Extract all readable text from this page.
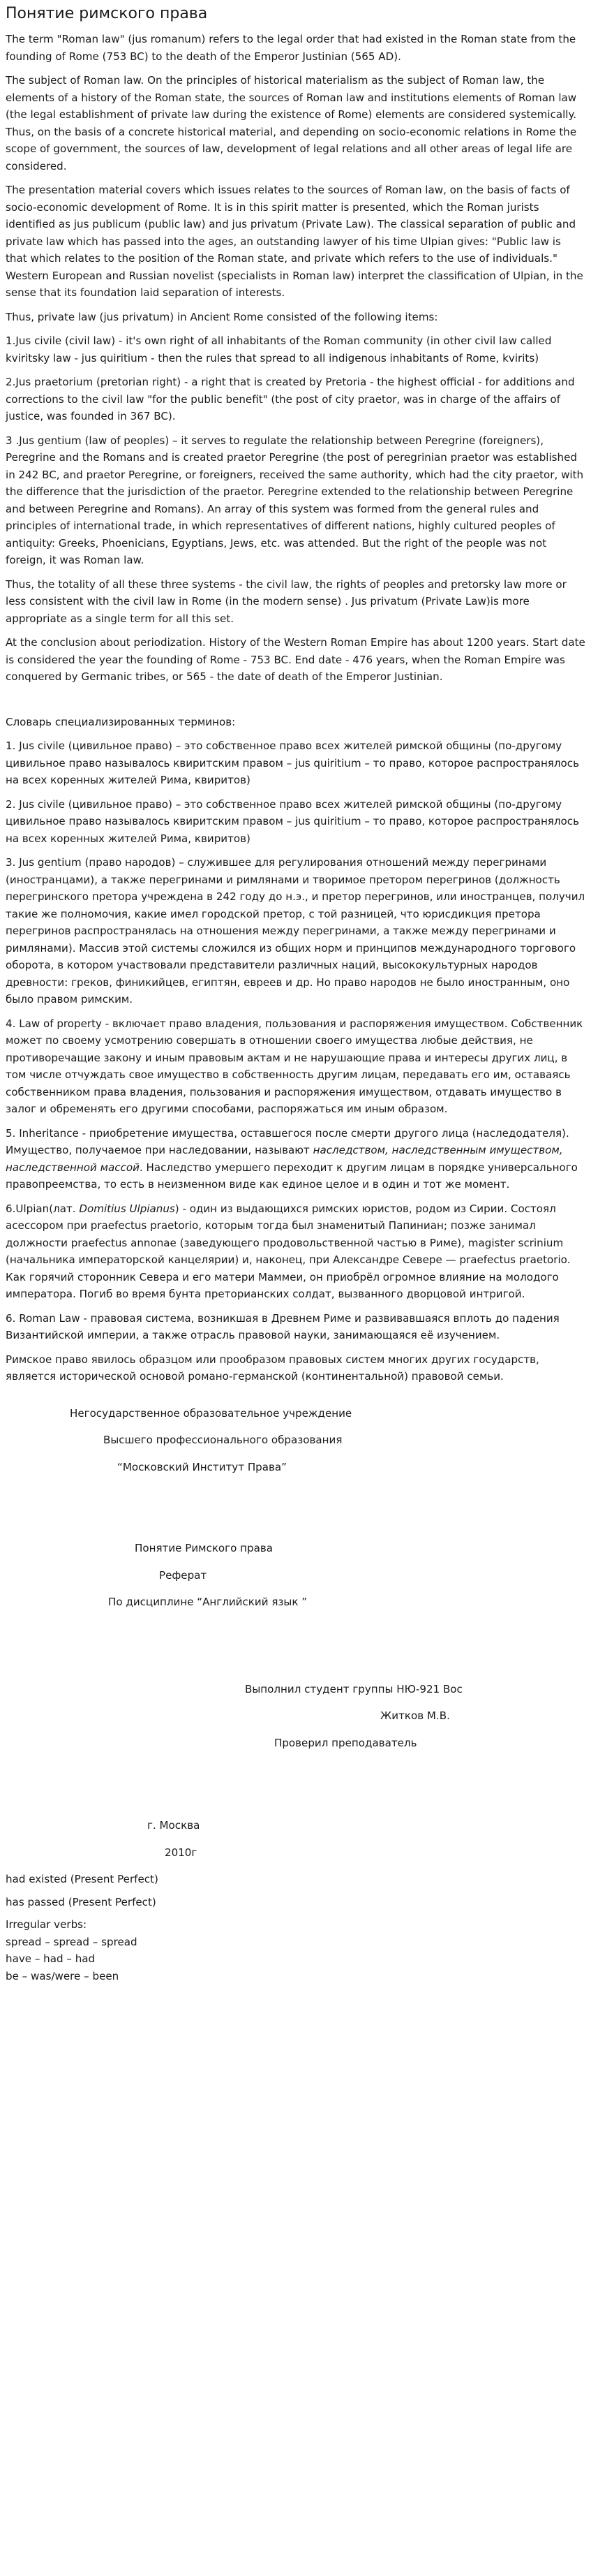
Понятие римского права

The term "Roman law" (jus romanum) refers to the legal order that had existed in the Roman state from the founding of Rome (753 BC) to the death of the Emperor Justinian (565 AD).

The subject of Roman law. On the principles of historical materialism as the subject of Roman law, the elements of a history of the Roman state, the sources of Roman law and institutions elements of Roman law (the legal establishment of private law during the existence of Rome) elements are considered systemically. Thus, on the basis of a concrete historical material, and depending on socio-economic relations in Rome the scope of government, the sources of law, development of legal relations and all other areas of legal life are considered.

The presentation material covers which issues relates to the sources of Roman law, on the basis of facts of socio-economic development of Rome. It is in this spirit matter is presented, which the Roman jurists identified as jus publicum (public law) and jus privatum (Private Law). The classical separation of public and private law which has passed into the ages, an outstanding lawyer of his time Ulpian gives: "Public law is that which relates to the position of the Roman state, and private which refers to the use of individuals." Western European and Russian novelist (specialists in Roman law) interpret the classification of Ulpian, in the sense that its foundation laid separation of interests.

Thus, private law (jus privatum) in Ancient Rome consisted of the following items:

1.Jus civile (civil law) - it's own right of all inhabitants of the Roman community (in other civil law called kviritsky law - jus quiritium - then the rules that spread to all indigenous inhabitants of Rome, kvirits)

2.Jus praetorium (pretorian right) - a right that is created by Pretoria - the highest official - for additions and corrections to the civil law "for the public benefit" (the post of city praetor, was in charge of the affairs of justice, was founded in 367 BC).

3 .Jus gentium (law of peoples) – it serves to regulate the relationship between Peregrine (foreigners), Peregrine and the Romans and is created praetor Peregrine (the post of peregrinian praetor was established in 242 BC, and praetor Peregrine, or foreigners, received the same authority, which had the city praetor, with the difference that the jurisdiction of the praetor. Peregrine extended to the relationship between Peregrine and between Peregrine and Romans). An array of this system was formed from the general rules and principles of international trade, in which representatives of different nations, highly cultured peoples of antiquity: Greeks, Phoenicians, Egyptians, Jews, etc. was attended. But the right of the people was not foreign, it was Roman law.

Thus, the totality of all these three systems - the civil law, the rights of peoples and pretorsky law more or less consistent with the civil law in Rome (in the modern sense) . Jus privatum (Private Law)is more appropriate as a single term for all this set.

At the conclusion about periodization. History of the Western Roman Empire has about 1200 years. Start date is considered the year the founding of Rome - 753 BC. End date - 476 years, when the Roman Empire was conquered by Germanic tribes, or 565 - the date of death of the Emperor Justinian.

Словарь специализированных терминов:

1. Jus civile (цивильное право) – это собственное право всех жителей римской общины (по-другому цивильное право называлось квиритским правом – jus quiritium – то право, которое распространялось на всех коренных жителей Рима, квиритов)

2. Jus civile (цивильное право) – это собственное право всех жителей римской общины (по-другому цивильное право называлось квиритским правом – jus quiritium – то право, которое распространялось на всех коренных жителей Рима, квиритов)

3. Jus gentium (право народов) – служившее для регулирования отношений между перегринами (иностранцами), а также перегринами и римлянами и творимое претором перегринов (должность перегринского претора учреждена в 242 году до н.э., и претор перегринов, или иностранцев, получил такие же полномочия, какие имел городской претор, с той разницей, что юрисдикция претора перегринов распространялась на отношения между перегринами, а также между перегринами и римлянами). Массив этой системы сложился из общих норм и принципов международного торгового оборота, в котором участвовали представители различных наций, высококультурных народов древности: греков, финикийцев, египтян, евреев и др. Но право народов не было иностранным, оно было правом римским.

4. Law of property - включает право владения, пользования и распоряжения имуществом. Собственник может по своему усмотрению совершать в отношении своего имущества любые действия, не противоречащие закону и иным правовым актам и не нарушающие права и интересы других лиц, в том числе отчуждать свое имущество в собственность другим лицам, передавать его им, оставаясь собственником права владения, пользования и распоряжения имуществом, отдавать имущество в залог и обременять его другими способами, распоряжаться им иным образом.

5. Inheritance - приобретение имущества, оставшегося после смерти другого лица (наследодателя). Имущество, получаемое при наследовании, называют наследством, наследственным имуществом, наследственной массой. Наследство умершего переходит к другим лицам в порядке универсального правопреемства, то есть в неизменном виде как единое целое и в один и тот же момент.

6.Ulpian(лат. Domitius Ulpianus) - один из выдающихся римских юристов, родом из Сирии. Состоял асессором при praefectus praetorio, которым тогда был знаменитый Папиниан; позже занимал должности praefectus annonae (заведующего продовольственной частью в Риме), magister scrinium (начальника императорской канцелярии) и, наконец, при Александре Севере — praefectus praetorio. Как горячий сторонник Севера и его матери Маммеи, он приобрёл огромное влияние на молодого императора. Погиб во время бунта преторианских солдат, вызванного дворцовой интригой.

6. Roman Law - правовая система, возникшая в Древнем Риме и развивавшаяся вплоть до падения Византийской империи, а также отрасль правовой науки, занимающаяся её изучением.

Римское право явилось образцом или прообразом правовых систем многих других государств, является исторической основой романо-германской (континентальной) правовой семьи.

Негосударственное образовательное учреждение

Высшего профессионального образования

“Московский Институт Права”

Понятие Римского права

Реферат

По дисциплине “Английский язык ”

Выполнил студент группы НЮ-921 Вос

Житков М.В.

Проверил преподаватель

г. Москва

2010г

had existed (Present Perfect)

has passed (Present Perfect)

Irregular verbs:
spread – spread – spread
have – had – had
be – was/were – been
